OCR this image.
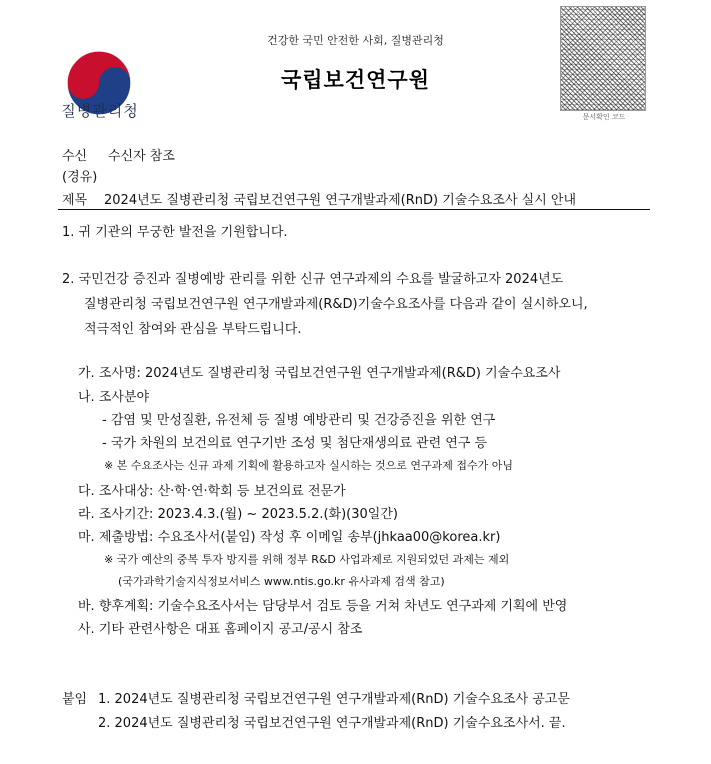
건강한 국민 안전한 사회, 질병관리청
국립보건연구원
질병관리청	문서확인 코드
수신 수신자 참조
(경유)
제목 2024년도 질병관리청 국립보건연구원 연구개발과제(RnD) 기술수요조사 실시 안내
1. 귀 기관의 무궁한 발전을 기원합니다.
2. 국민건강 증진과 질병예방 관리를 위한 신규 연구과제의 수요를 발굴하고자 2024년도
질병관리청 국립보건연구원 연구개발과제(R&D)기술수요조사를 다음과 같이 실시하오니,
적극적인 참여와 관심을 부탁드립니다.
가. 조사명: 2024년도 질병관리청 국립보건연구원 연구개발과제(R&D) 기술수요조사
나. 조사분야
- 감염 및 만성질환, 유전체 등 질병 예방관리 및 건강증진을 위한 연구
- 국가 차원의 보건의료 연구기반 조성 및 첨단재생의료 관련 연구 등
※ 본 수요조사는 신규 과제 기획에 활용하고자 실시하는 것으로 연구과제 접수가 아님
다. 조사대상: 산·학·연·학회 등 보건의료 전문가
라. 조사기간: 2023.4.3.(월) ~ 2023.5.2.(화)(30일간)
마. 제출방법: 수요조사서(붙임) 작성 후 이메일 송부(jhkaa00@korea.kr)
※ 국가 예산의 중복 투자 방지를 위해 정부 R&D 사업과제로 지원되었던 과제는 제외
(국가과학기술지식정보서비스 www.ntis.go.kr 유사과제 검색 참고)
바. 향후계획: 기술수요조사서는 담당부서 검토 등을 거쳐 차년도 연구과제 기획에 반영
사. 기타 관련사항은 대표 홈페이지 공고/공시 참조
붙임 1. 2024년도 질병관리청 국립보건연구원 연구개발과제(RnD) 기술수요조사 공고문
2. 2024년도 질병관리청 국립보건연구원 연구개발과제(RnD) 기술수요조사서. 끝.
